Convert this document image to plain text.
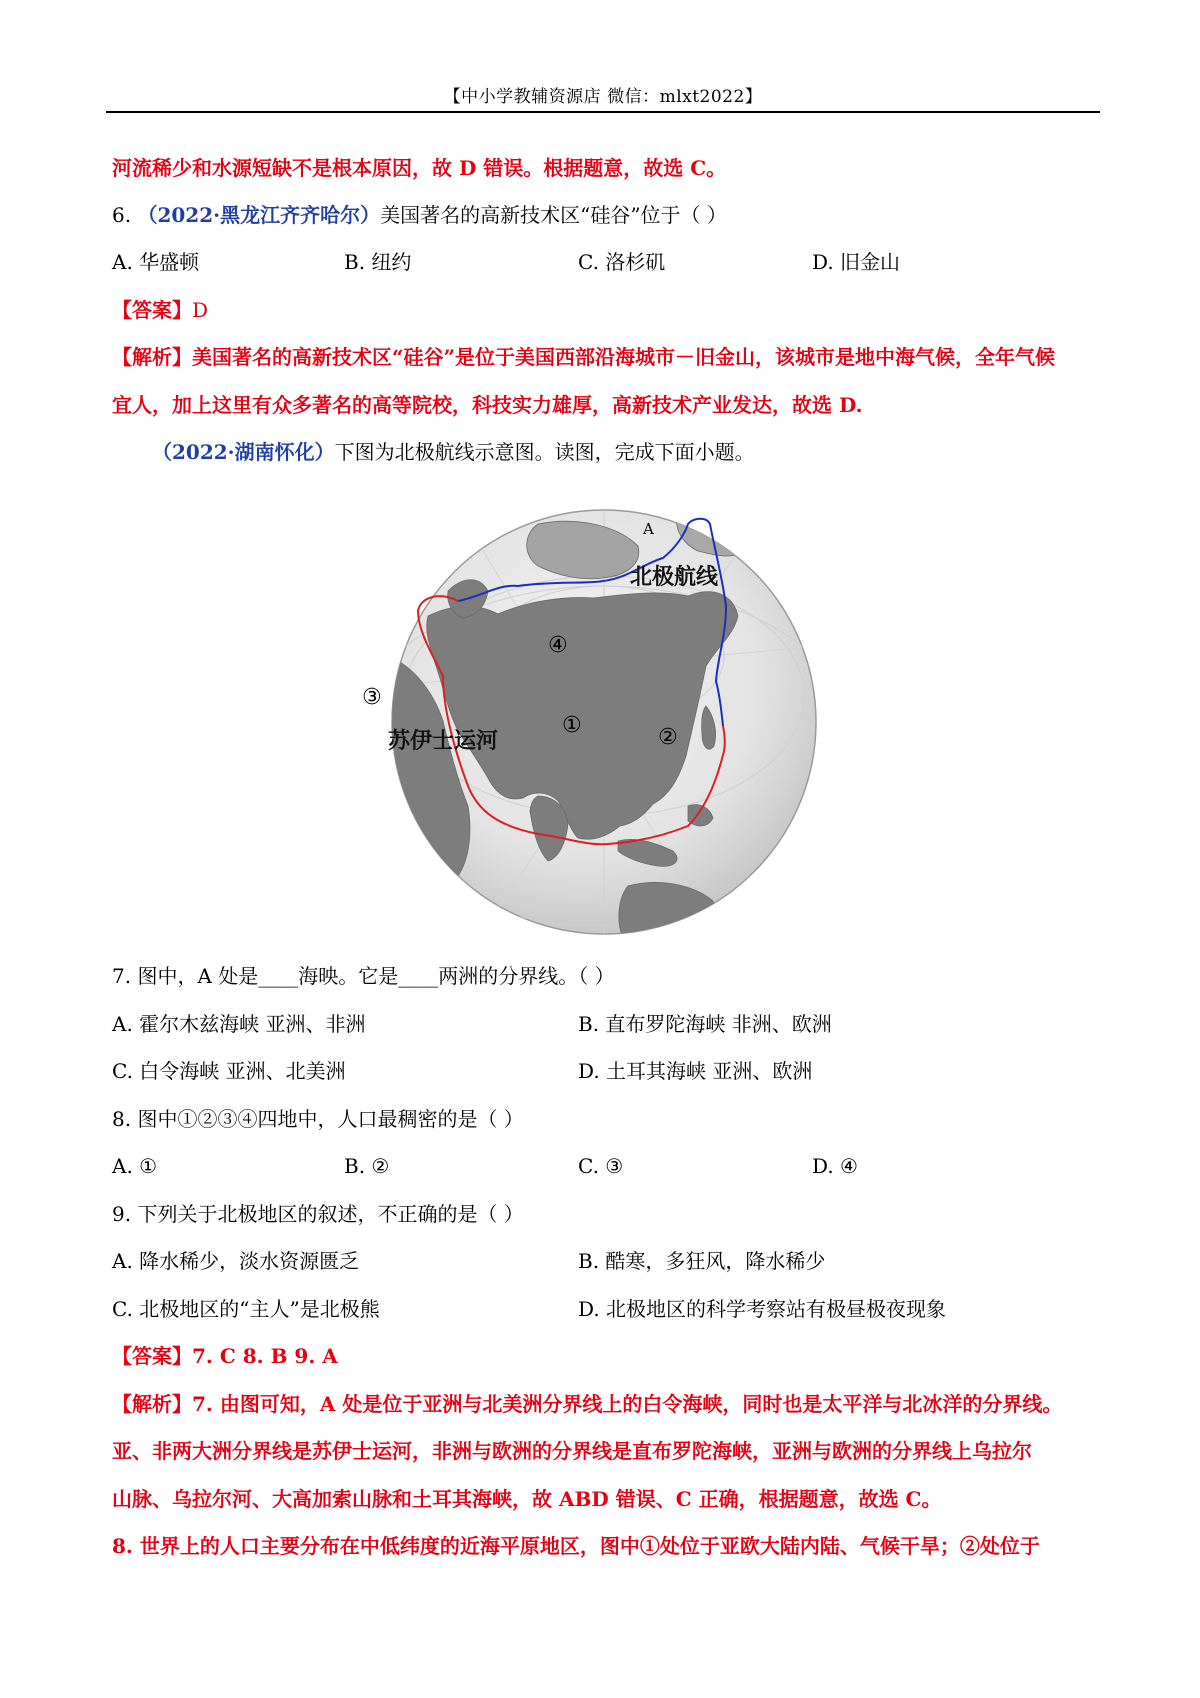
【中小学教辅资源店 微信：mlxt2022】
河流稀少和水源短缺不是根本原因，故 D 错误。根据题意，故选 C。
6. （2022·黑龙江齐齐哈尔）美国著名的高新技术区“硅谷”位于（ ）
A. 华盛顿	B. 纽约	C. 洛杉矶	D. 旧金山
【答案】D
【解析】美国著名的高新技术区“硅谷”是位于美国西部沿海城市－旧金山，该城市是地中海气候，全年气候
宜人，加上这里有众多著名的高等院校，科技实力雄厚，高新技术产业发达，故选 D.
（2022·湖南怀化）下图为北极航线示意图。读图，完成下面小题。
A
北极航线
苏伊士运河
④
①	②
③
7. 图中，A 处是____海映。它是____两洲的分界线。（ ）
A. 霍尔木兹海峡 亚洲、非洲	B. 直布罗陀海峡 非洲、欧洲
C. 白令海峡 亚洲、北美洲	D. 土耳其海峡 亚洲、欧洲
8. 图中①②③④四地中，人口最稠密的是（ ）
A. ①	B. ②	C. ③	D. ④
9. 下列关于北极地区的叙述，不正确的是（ ）
A. 降水稀少，淡水资源匮乏	B. 酷寒，多狂风，降水稀少
C. 北极地区的“主人”是北极熊	D. 北极地区的科学考察站有极昼极夜现象
【答案】7. C 8. B 9. A
【解析】7. 由图可知，A 处是位于亚洲与北美洲分界线上的白令海峡，同时也是太平洋与北冰洋的分界线。
亚、非两大洲分界线是苏伊士运河，非洲与欧洲的分界线是直布罗陀海峡，亚洲与欧洲的分界线上乌拉尔
山脉、乌拉尔河、大高加索山脉和土耳其海峡，故 ABD 错误、C 正确，根据题意，故选 C。
8. 世界上的人口主要分布在中低纬度的近海平原地区，图中①处位于亚欧大陆内陆、气候干旱；②处位于
